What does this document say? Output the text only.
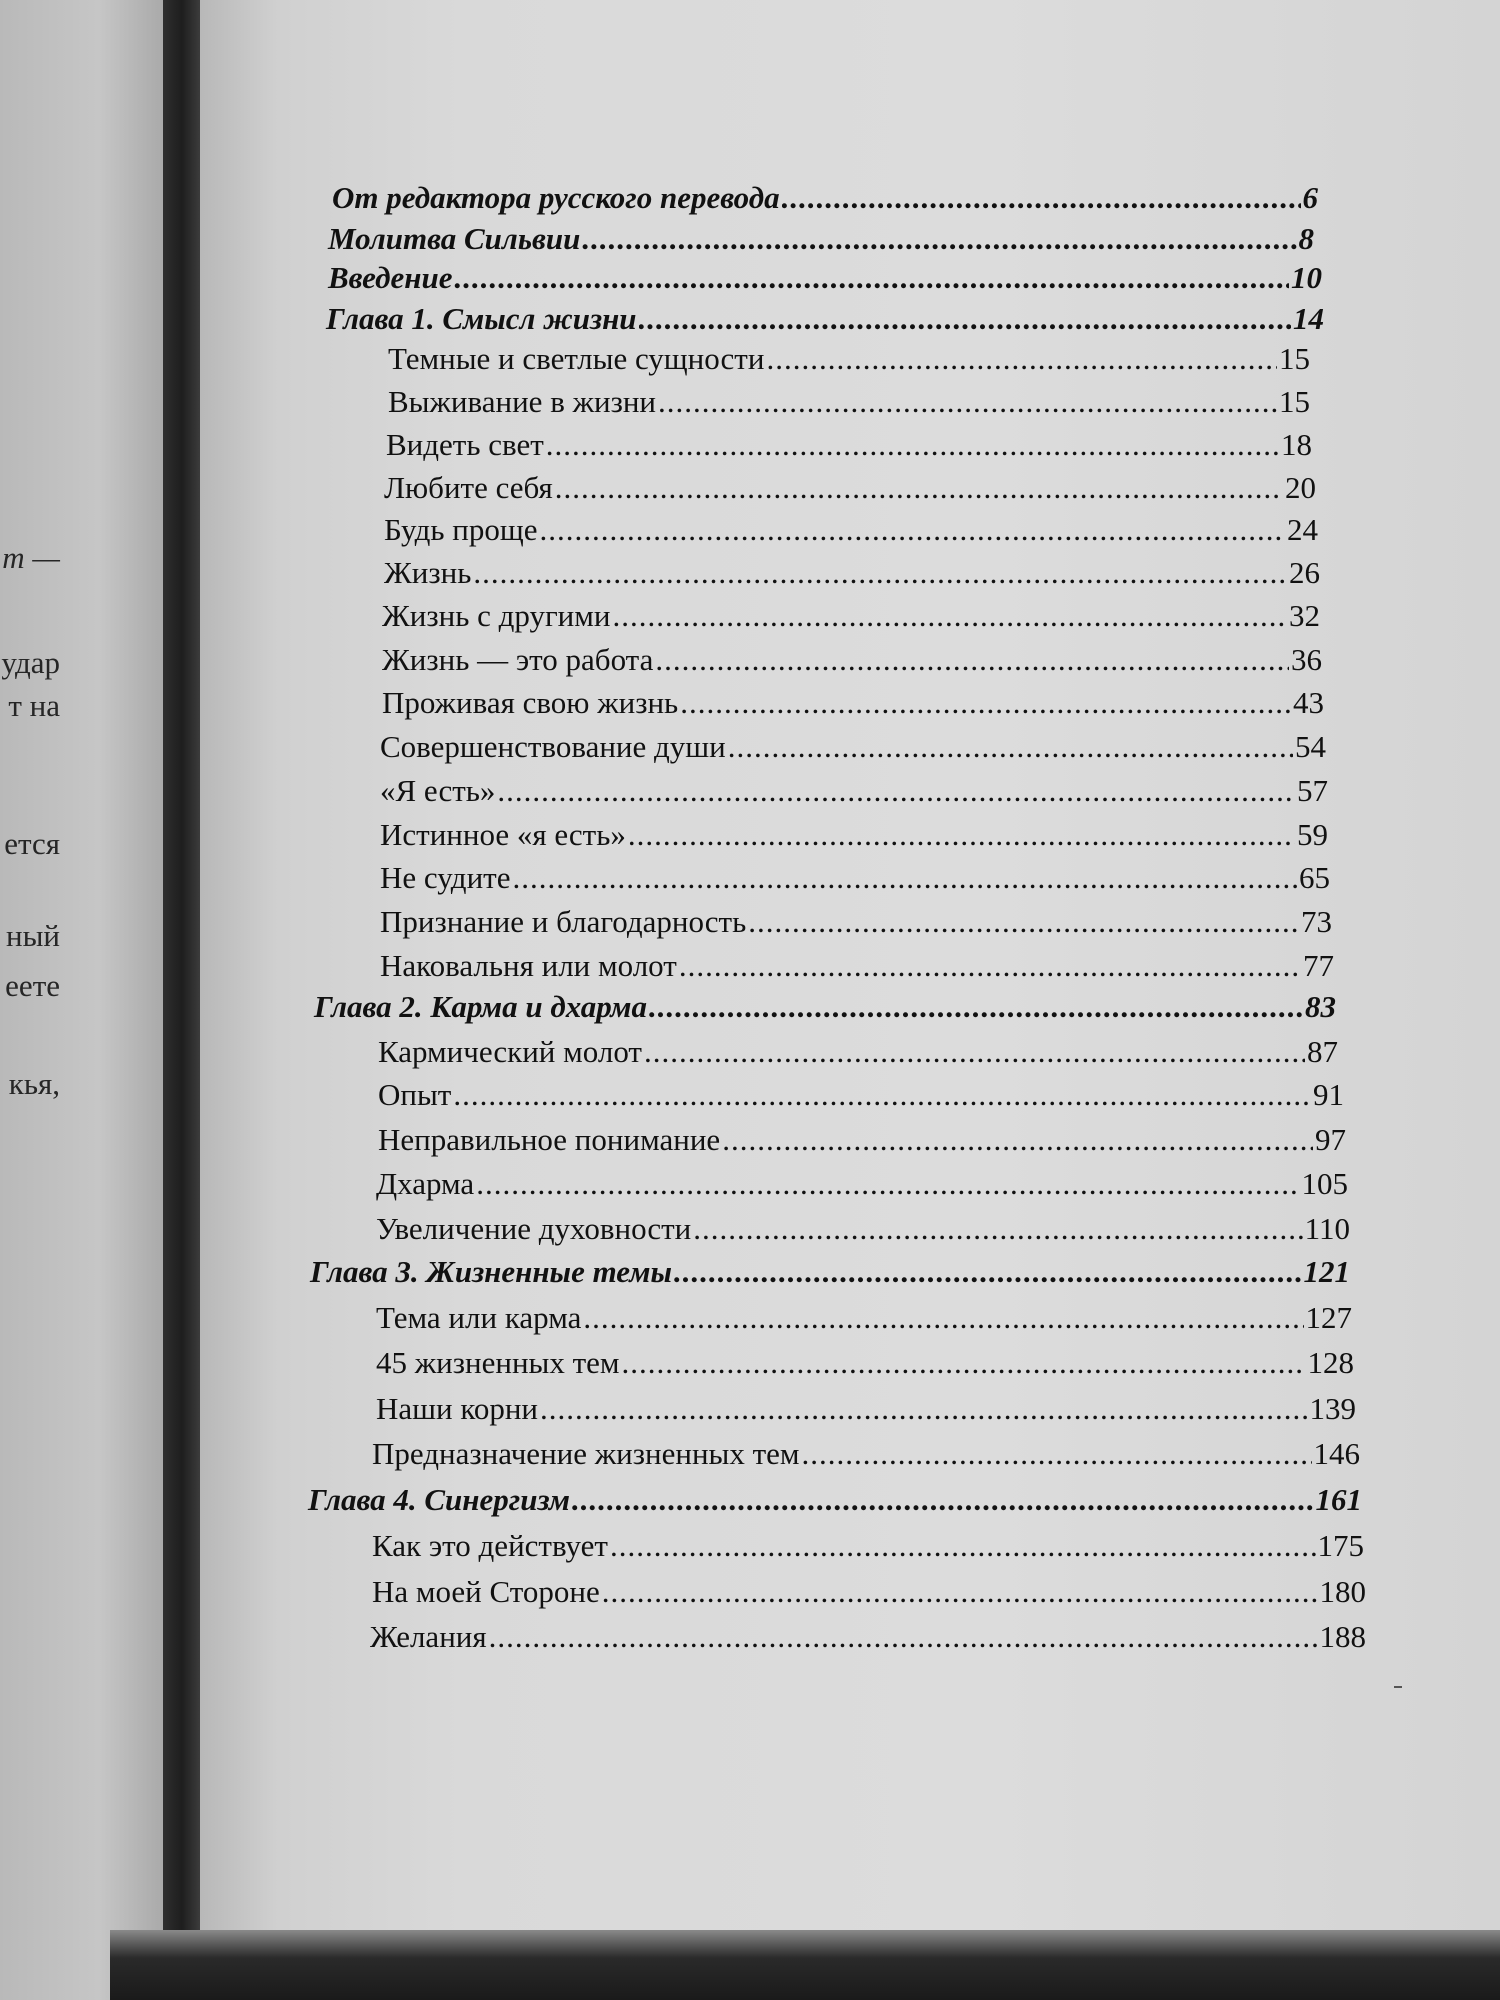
т —
удар
т на
ется
ный
еете
кья,
От редактора русского перевода .....	6
Молитва Сильвии .....	8
Введение .....	10
Глава 1. Смысл жизни .....	14
Темные и светлые сущности .....	15
Выживание в жизни .....	15
Видеть свет .....	18
Любите себя .....	20
Будь проще .....	24
Жизнь .....	26
Жизнь с другими .....	32
Жизнь — это работа .....	36
Проживая свою жизнь .....	43
Совершенствование души .....	54
«Я есть» .....	57
Истинное «я есть» .....	59
Не судите .....	65
Признание и благодарность .....	73
Наковальня или молот .....	77
Глава 2. Карма и дхарма .....	83
Кармический молот .....	87
Опыт .....	91
Неправильное понимание .....	97
Дхарма .....	105
Увеличение духовности .....	110
Глава 3. Жизненные темы .....	121
Тема или карма .....	127
45 жизненных тем .....	128
Наши корни .....	139
Предназначение жизненных тем .....	146
Глава 4. Синергизм .....	161
Как это действует .....	175
На моей Стороне .....	180
Желания .....	188
